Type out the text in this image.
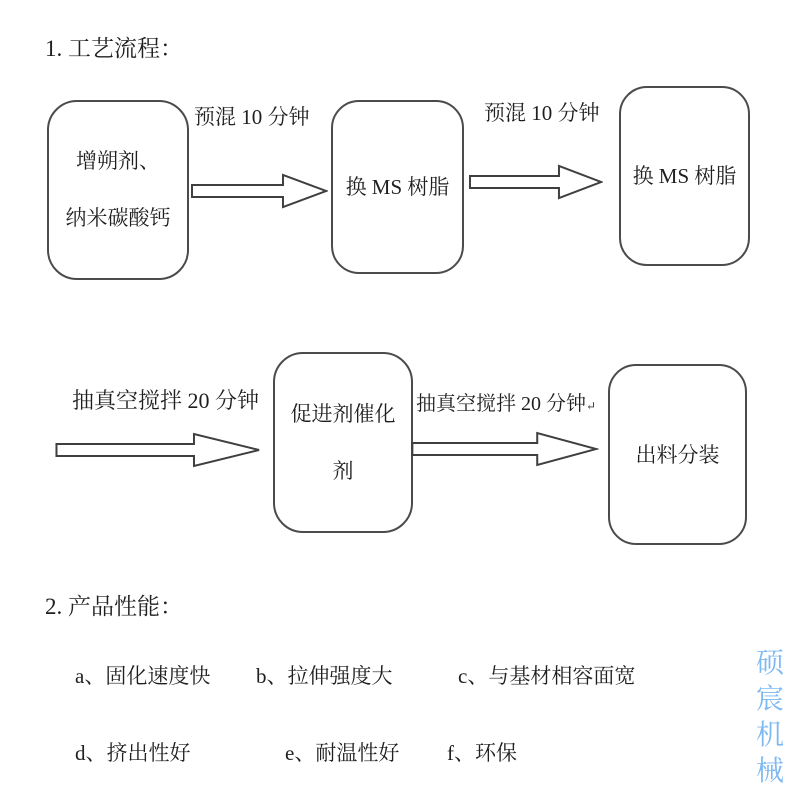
1. 工艺流程：
增朔剂、
纳米碳酸钙
预混 10 分钟
换 MS 树脂
预混 10 分钟
换 MS 树脂
抽真空搅拌 20 分钟
促进剂催化
剂
抽真空搅拌 20 分钟↵
出料分装
2. 产品性能：
a、固化速度快 b、拉伸强度大	c、与基材相容面宽
d、挤出性好	e、耐温性好 f、环保
硕
宸
机
械
